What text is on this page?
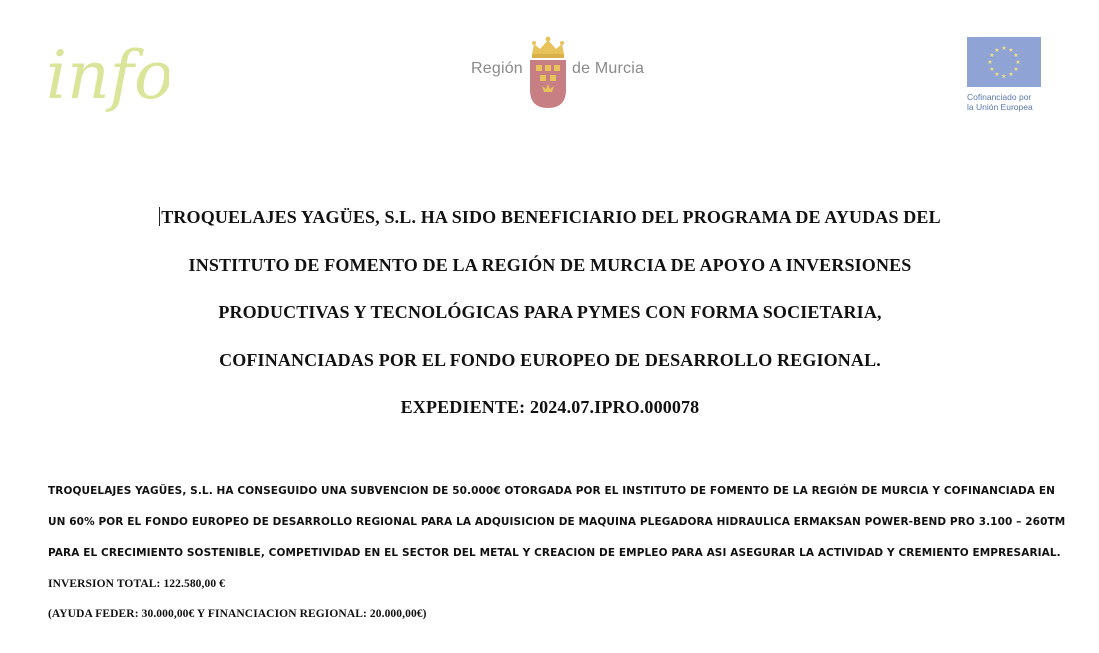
info	Región	de Murcia
★ ★
★
★
★
★
★
★
★
★
★
★
Cofinanciado por
la Unión Europea
TROQUELAJES YAGÜES, S.L. HA SIDO BENEFICIARIO DEL PROGRAMA DE AYUDAS DEL
INSTITUTO DE FOMENTO DE LA REGIÓN DE MURCIA DE APOYO A INVERSIONES
PRODUCTIVAS Y TECNOLÓGICAS PARA PYMES CON FORMA SOCIETARIA,
COFINANCIADAS POR EL FONDO EUROPEO DE DESARROLLO REGIONAL.
EXPEDIENTE: 2024.07.IPRO.000078
TROQUELAJES YAGÜES, S.L. HA CONSEGUIDO UNA SUBVENCION DE 50.000€ OTORGADA POR EL INSTITUTO DE FOMENTO DE LA REGIÓN DE MURCIA Y COFINANCIADA EN
UN 60% POR EL FONDO EUROPEO DE DESARROLLO REGIONAL PARA LA ADQUISICION DE MAQUINA PLEGADORA HIDRAULICA ERMAKSAN POWER-BEND PRO 3.100 – 260TM
PARA EL CRECIMIENTO SOSTENIBLE, COMPETIVIDAD EN EL SECTOR DEL METAL Y CREACION DE EMPLEO PARA ASI ASEGURAR LA ACTIVIDAD Y CREMIENTO EMPRESARIAL.
INVERSION TOTAL: 122.580,00 €
(AYUDA FEDER: 30.000,00€ Y FINANCIACION REGIONAL: 20.000,00€)
